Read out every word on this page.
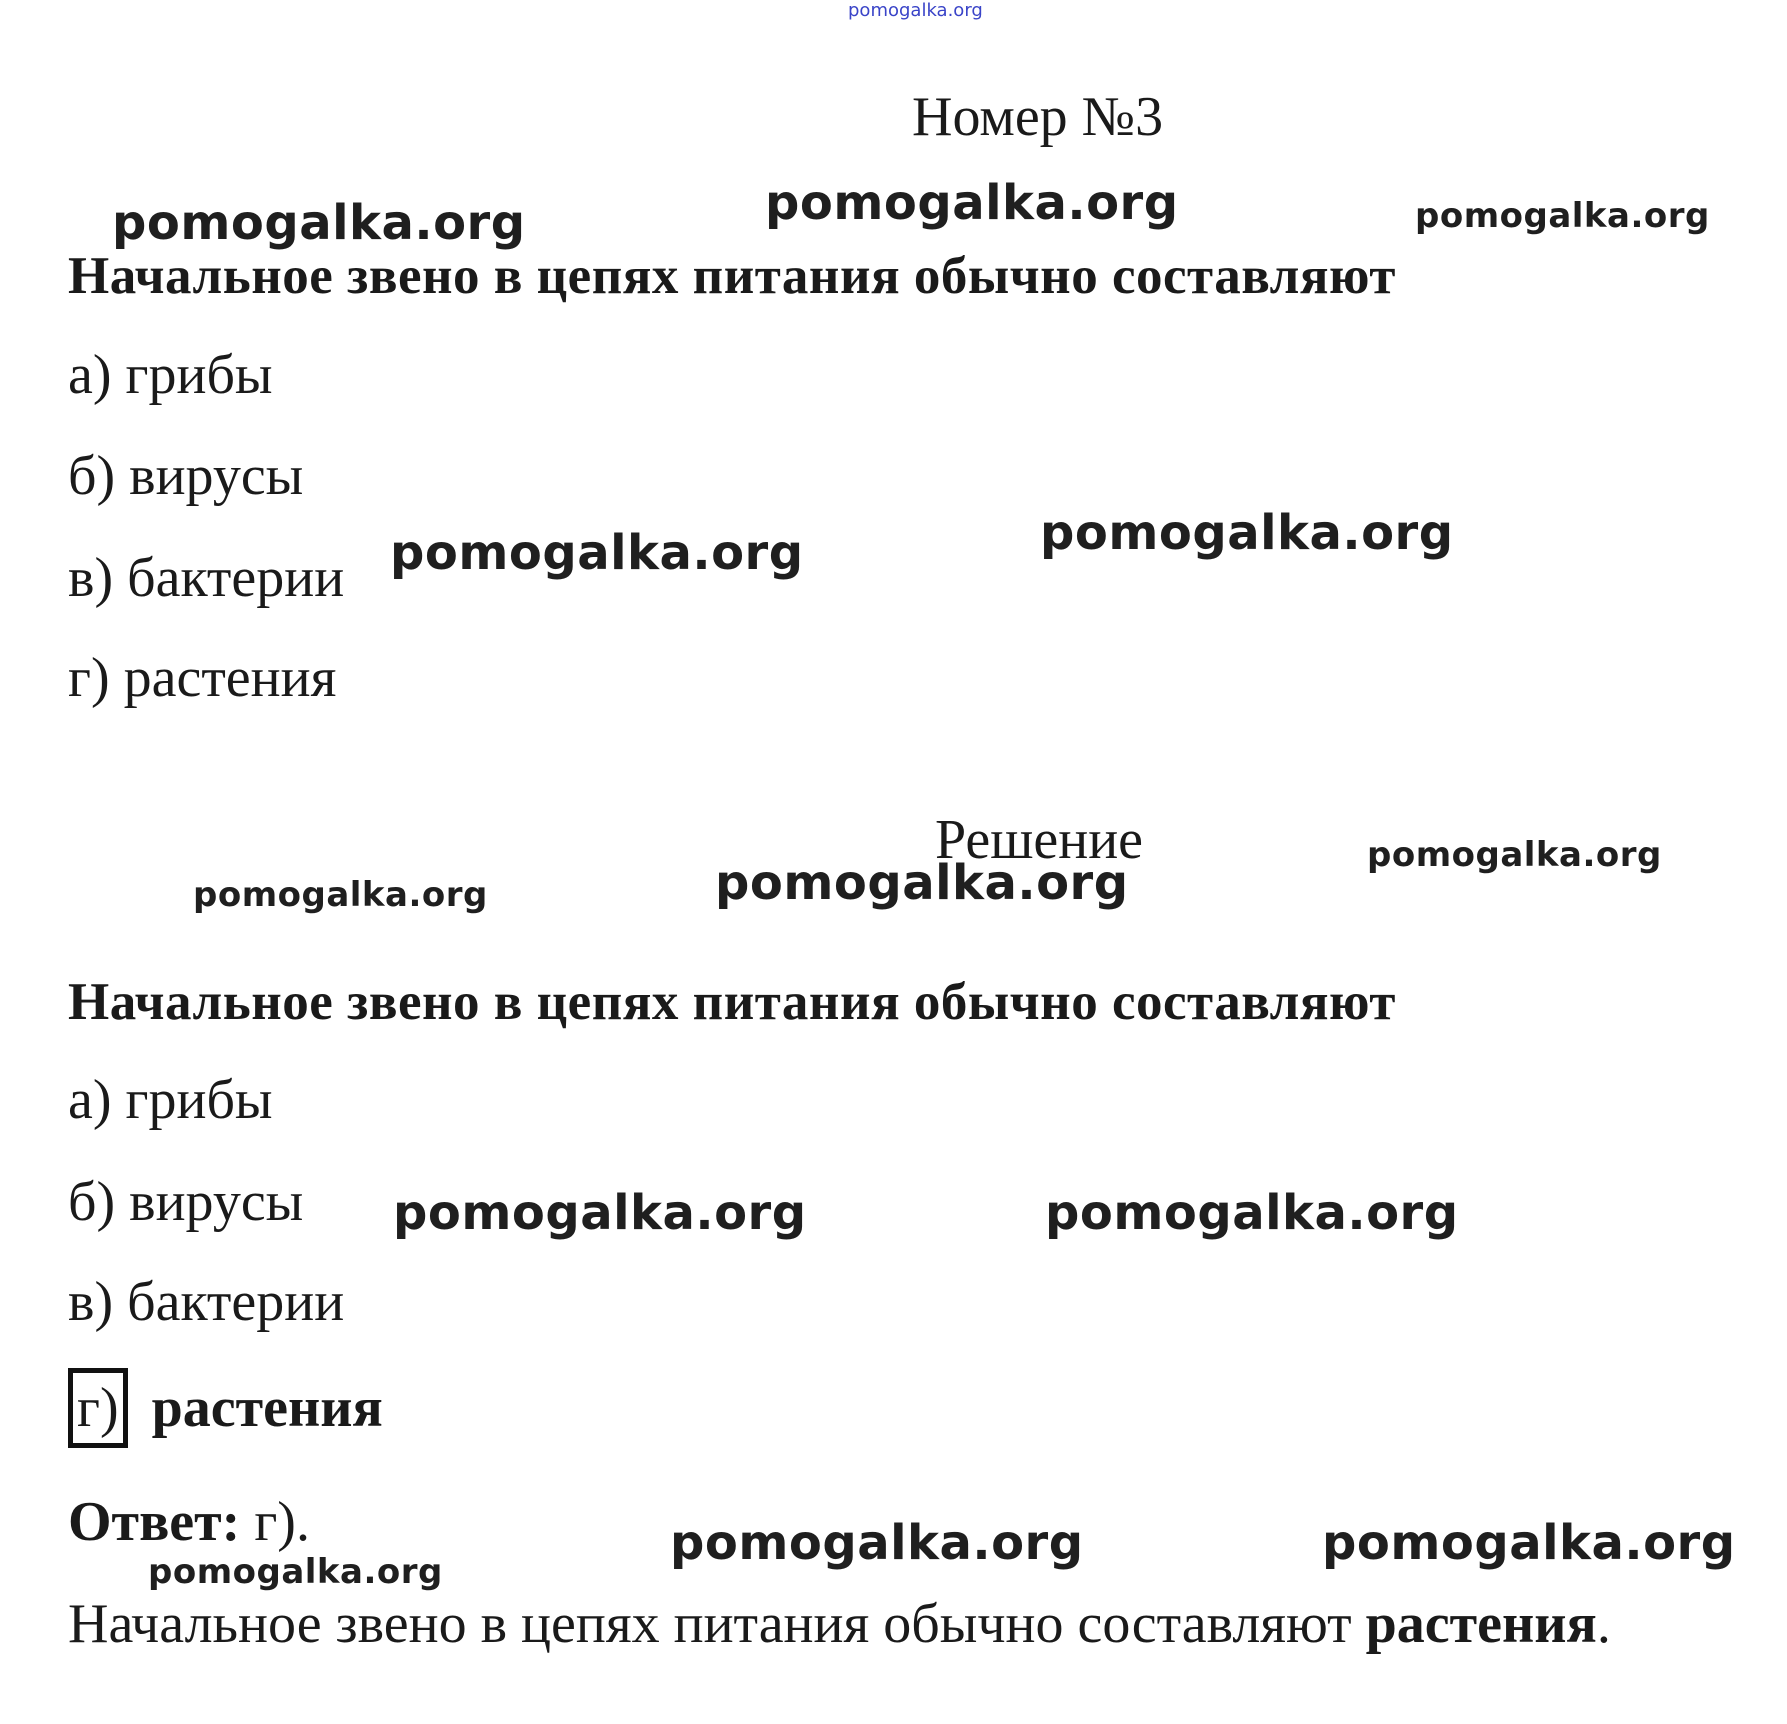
pomogalka.org
Номер №3
pomogalka.org	pomogalka.org	pomogalka.org
Начальное звено в цепях питания обычно составляют
а) грибы
б) вирусы
в) бактерии
г) растения
pomogalka.org	pomogalka.org
Решение
pomogalka.org	pomogalka.org	pomogalka.org
Начальное звено в цепях питания обычно составляют
а) грибы
б) вирусы
в) бактерии
pomogalka.org	pomogalka.org
г) растения
Ответ: г).
pomogalka.org
pomogalka.org	pomogalka.org
Начальное звено в цепях питания обычно составляют растения.
